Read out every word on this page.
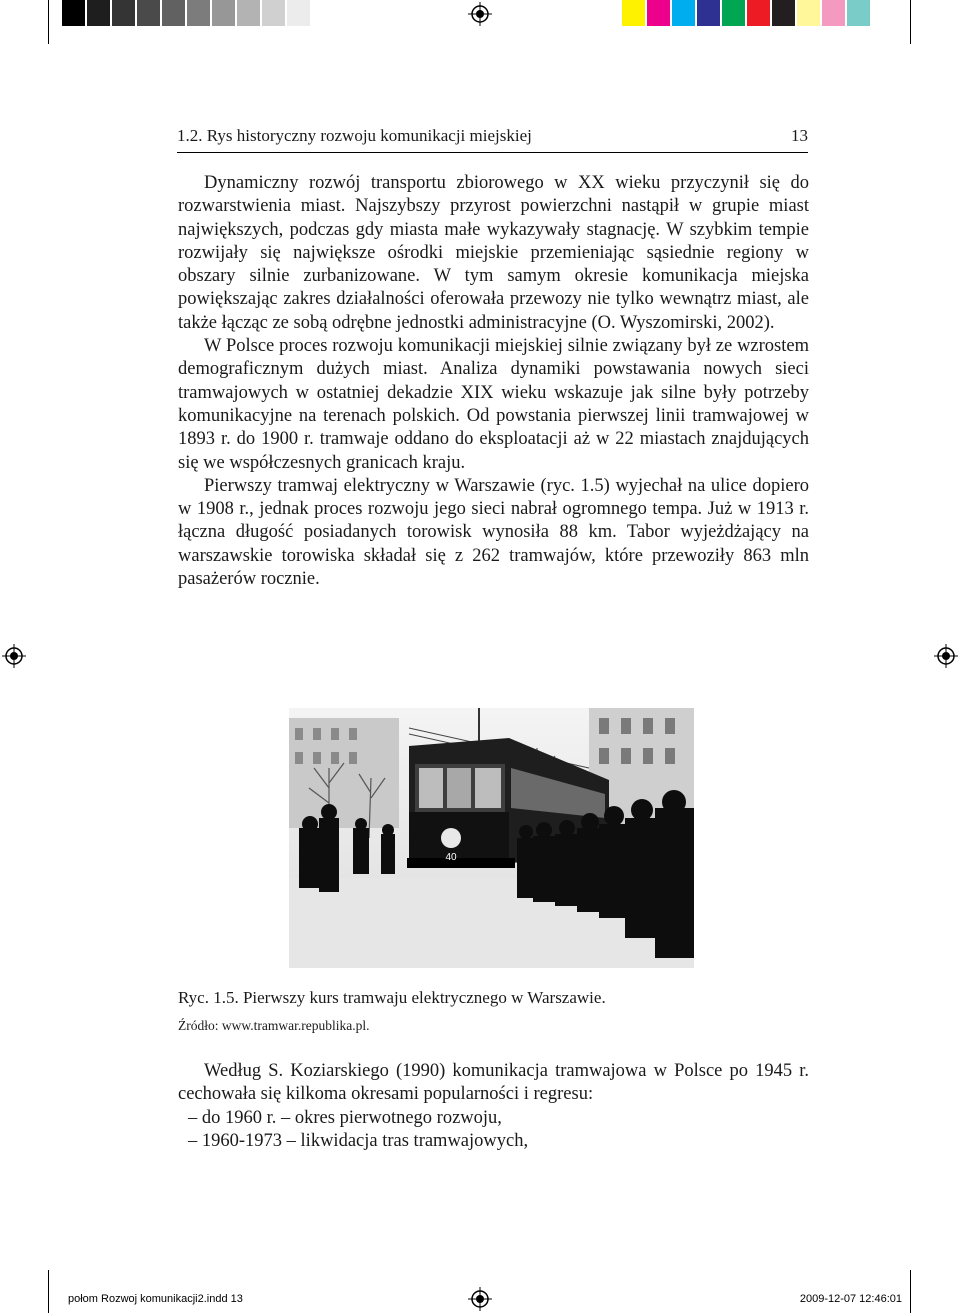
1.2. Rys historyczny rozwoju komunikacji miejskiej	13

Dynamiczny rozwój transportu zbiorowego w XX wieku przyczynił się do rozwarstwienia miast. Najszybszy przyrost powierzchni nastąpił w grupie miast największych, podczas gdy miasta małe wykazywały stagnację. W szybkim tempie rozwijały się największe ośrodki miejskie przemieniając sąsiednie regiony w obszary silnie zurbanizowane. W tym samym okresie komunikacja miejska powiększając zakres działalności oferowała przewozy nie tylko wewnątrz miast, ale także łącząc ze sobą odrębne jednostki administracyjne (O. Wyszomirski, 2002).

W Polsce proces rozwoju komunikacji miejskiej silnie związany był ze wzrostem demograficznym dużych miast. Analiza dynamiki powstawania nowych sieci tramwajowych w ostatniej dekadzie XIX wieku wskazuje jak silne były potrzeby komunikacyjne na terenach polskich. Od powstania pierwszej linii tramwajowej w 1893 r. do 1900 r. tramwaje oddano do eksploatacji aż w 22 miastach znajdujących się we współczesnych granicach kraju.

Pierwszy tramwaj elektryczny w Warszawie (ryc. 1.5) wyjechał na ulice dopiero w 1908 r., jednak proces rozwoju jego sieci nabrał ogromnego tempa. Już w 1913 r. łączna długość posiadanych torowisk wynosiła 88 km. Tabor wyjeżdżający na warszawskie torowiska składał się z 262 tramwajów, które przewoziły 863 mln pasażerów rocznie.

40
Ryc. 1.5. Pierwszy kurs tramwaju elektrycznego w Warszawie.
Źródło: www.tramwar.republika.pl.

Według S. Koziarskiego (1990) komunikacja tramwajowa w Polsce po 1945 r. cechowała się kilkoma okresami popularności i regresu:

– do 1960 r. – okres pierwotnego rozwoju,

– 1960-1973 – likwidacja tras tramwajowych,

połom Rozwoj komunikacji2.indd 13	2009-12-07 12:46:01
